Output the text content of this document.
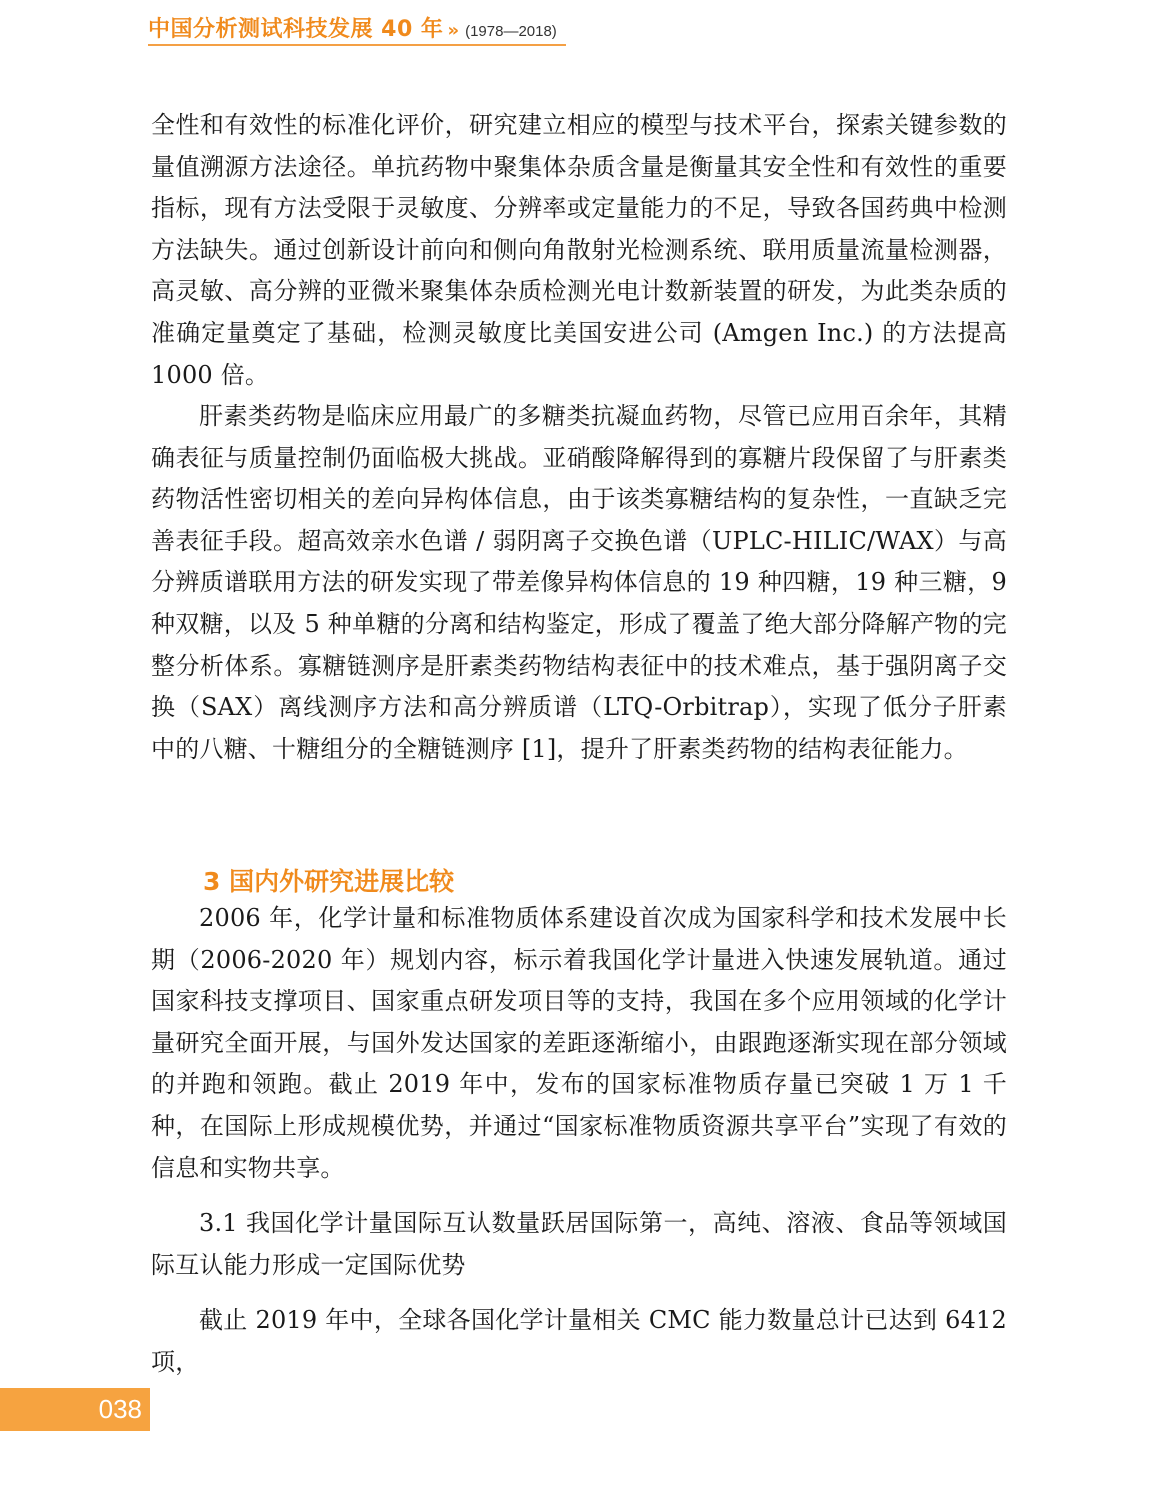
中国分析测试科技发展 40 年 » (1978—2018)

全性和有效性的标准化评价，研究建立相应的模型与技术平台，探索关键参数的量值溯源方法途径。单抗药物中聚集体杂质含量是衡量其安全性和有效性的重要指标，现有方法受限于灵敏度、分辨率或定量能力的不足，导致各国药典中检测方法缺失。通过创新设计前向和侧向角散射光检测系统、联用质量流量检测器，高灵敏、高分辨的亚微米聚集体杂质检测光电计数新装置的研发，为此类杂质的准确定量奠定了基础，检测灵敏度比美国安进公司 (Amgen Inc.) 的方法提高 1000 倍。

肝素类药物是临床应用最广的多糖类抗凝血药物，尽管已应用百余年，其精确表征与质量控制仍面临极大挑战。亚硝酸降解得到的寡糖片段保留了与肝素类药物活性密切相关的差向异构体信息，由于该类寡糖结构的复杂性，一直缺乏完善表征手段。超高效亲水色谱 / 弱阴离子交换色谱（UPLC-HILIC/WAX）与高分辨质谱联用方法的研发实现了带差像异构体信息的 19 种四糖，19 种三糖，9 种双糖，以及 5 种单糖的分离和结构鉴定，形成了覆盖了绝大部分降解产物的完整分析体系。寡糖链测序是肝素类药物结构表征中的技术难点，基于强阴离子交换（SAX）离线测序方法和高分辨质谱（LTQ-Orbitrap），实现了低分子肝素中的八糖、十糖组分的全糖链测序 [1]，提升了肝素类药物的结构表征能力。

3 国内外研究进展比较

2006 年，化学计量和标准物质体系建设首次成为国家科学和技术发展中长期（2006-2020 年）规划内容，标示着我国化学计量进入快速发展轨道。通过国家科技支撑项目、国家重点研发项目等的支持，我国在多个应用领域的化学计量研究全面开展，与国外发达国家的差距逐渐缩小，由跟跑逐渐实现在部分领域的并跑和领跑。截止 2019 年中，发布的国家标准物质存量已突破 1 万 1 千种，在国际上形成规模优势，并通过“国家标准物质资源共享平台”实现了有效的信息和实物共享。

3.1 我国化学计量国际互认数量跃居国际第一，高纯、溶液、食品等领域国际互认能力形成一定国际优势

截止 2019 年中，全球各国化学计量相关 CMC 能力数量总计已达到 6412 项，

038
